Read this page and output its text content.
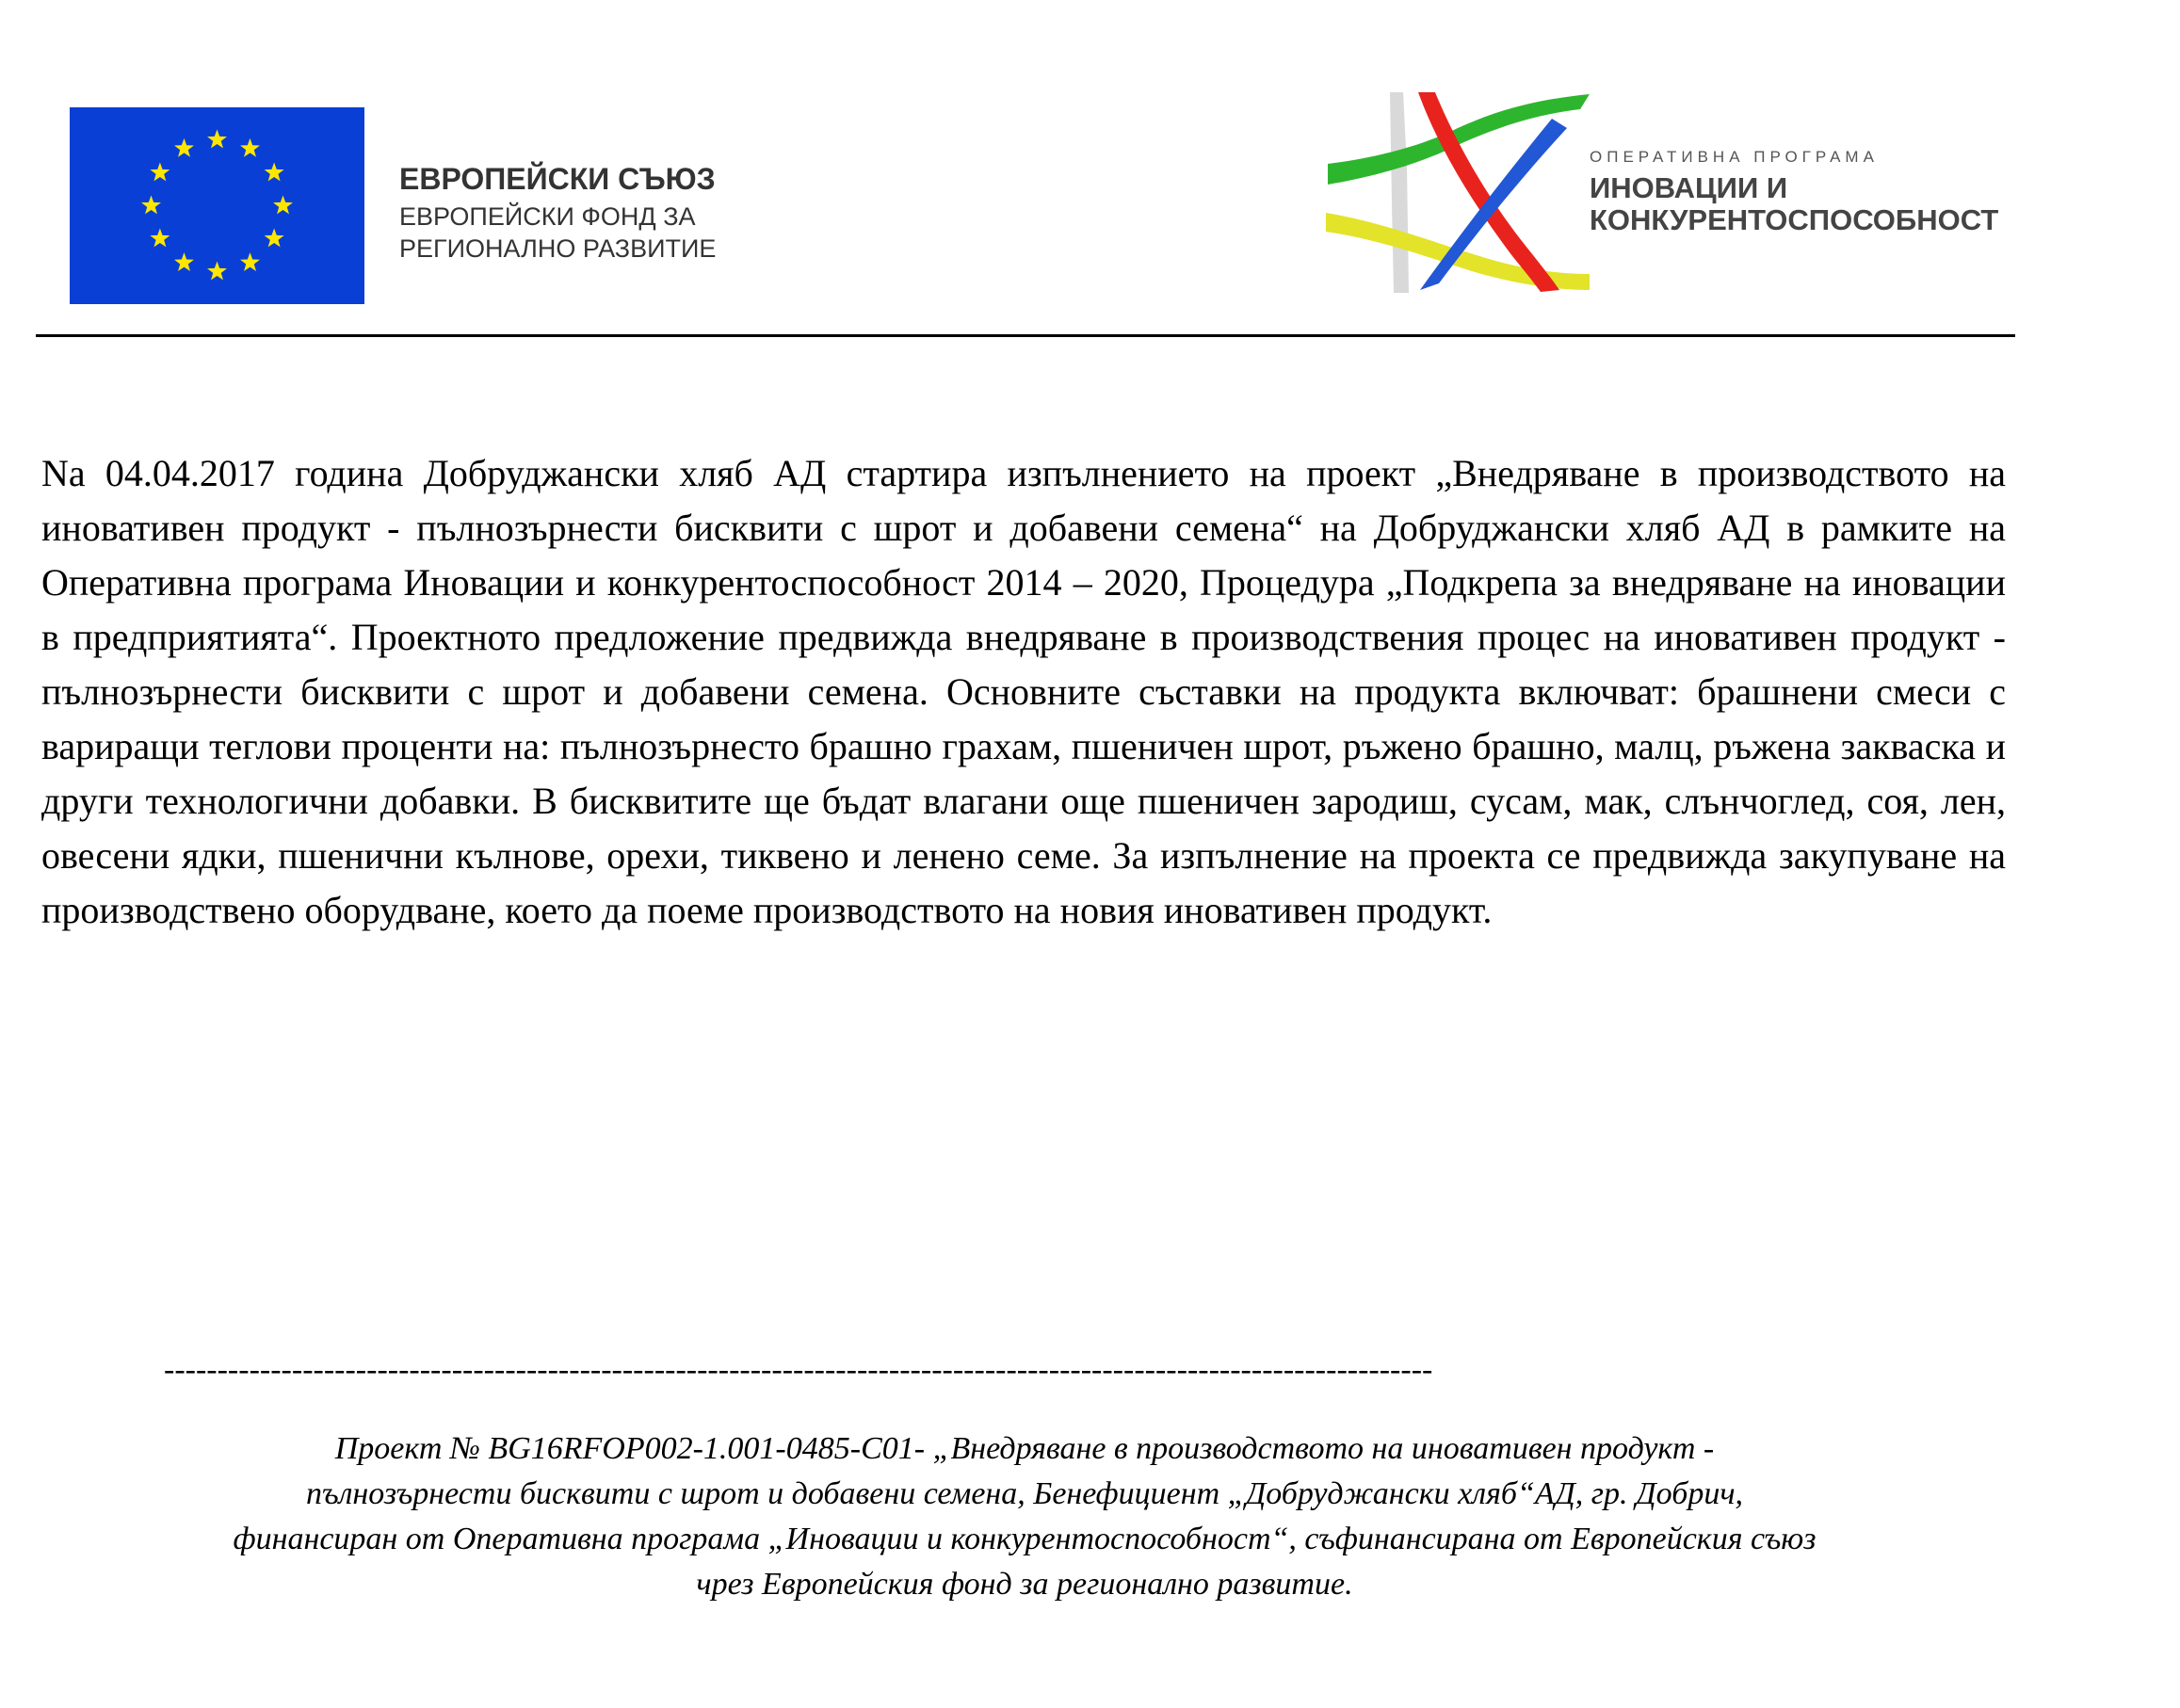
ЕВРОПЕЙСКИ СЪЮЗ
ЕВРОПЕЙСКИ ФОНД ЗА
РЕГИОНАЛНО РАЗВИТИЕ
ОПЕРАТИВНА ПРОГРАМА
ИНОВАЦИИ И
КОНКУРЕНТОСПОСОБНОСТ

Na 04.04.2017 година Добруджански хляб АД стартира изпълнението на проект „Внедряване в производството на иновативен продукт - пълнозърнести бисквити с шрот и добавени семена“ на Добруджански хляб АД в рамките на Оперативна програма Иновации и конкурентоспособност 2014 – 2020, Процедура „Подкрепа за внедряване на иновации в предприятията“. Проектното предложение предвижда внедряване в производствения процес на иновативен продукт - пълнозърнести бисквити с шрот и добавени семена. Основните съставки на продукта включват: брашнени смеси с вариращи теглови проценти на: пълнозърнесто брашно грахам, пшеничен шрот, ръжено брашно, малц, ръжена закваска и други технологични добавки. В бисквитите ще бъдат влагани още пшеничен зародиш, сусам, мак, слънчоглед, соя, лен, овесени ядки, пшенични кълнове, орехи, тиквено и ленено семе. За изпълнение на проекта се предвижда закупуване на производствено оборудване, което да поеме производството на новия иновативен продукт.

-----------------------------------------------------------------------------------------------------------------------
Проект № BG16RFOP002-1.001-0485-C01- „Внедряване в производството на иновативен продукт -
пълнозърнести бисквити с шрот и добавени семена, Бенефициент „Добруджански хляб“АД, гр. Добрич,
финансиран от Оперативна програма „Иновации и конкурентоспособност“, съфинансирана от Европейския съюз
чрез Европейския фонд за регионално развитие.
